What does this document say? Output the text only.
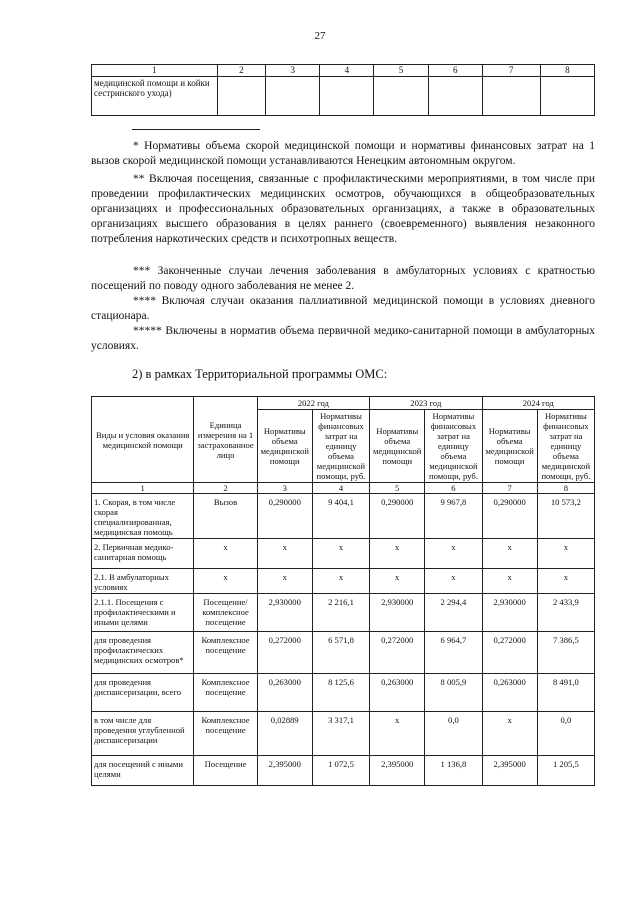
27
1	2	3	4	5	6	7	8
медицинской помощи и койки сестринского ухода)							

* Нормативы объема скорой медицинской помощи и нормативы финансовых затрат на 1 вызов скорой медицинской помощи устанавливаются Ненецким автономным округом.

** Включая посещения, связанные с профилактическими мероприятиями, в том числе при проведении профилактических медицинских осмотров, обучающихся в общеобразовательных организациях и профессиональных образовательных организациях, а также в образовательных организациях высшего образования в целях раннего (своевременного) выявления незаконного потребления наркотических средств и психотропных веществ.

*** Законченные случаи лечения заболевания в амбулаторных условиях с кратностью посещений по поводу одного заболевания не менее 2.

**** Включая случаи оказания паллиативной медицинской помощи в условиях дневного стационара.

***** Включены в норматив объема первичной медико-санитарной помощи в амбулаторных условиях.

2) в рамках Территориальной программы ОМС:
Виды и условия оказания медицинской помощи	Единица измерения на 1 застрахованное лицо	2022 год		2023 год		2024 год	
		Нормативы объема медицинской помощи	Нормативы финансовых затрат на единицу объема медицинской помощи, руб.	Нормативы объема медицинской помощи	Нормативы финансовых затрат на единицу объема медицинской помощи, руб.	Нормативы объема медицинской помощи	Нормативы финансовых затрат на единицу объема медицинской помощи, руб.
1	2	3	4	5	6	7	8
1. Скорая, в том числе скорая специализированная, медицинская помощь	Вызов	0,290000	9 404,1	0,290000	9 967,8	0,290000	10 573,2
2. Первичная медико-санитарная помощь	x	x	x	x	x	x	x
2.1. В амбулаторных условиях	x	x	x	x	x	x	x
2.1.1. Посещения с профилактическими и иными целями	Посещение/ комплексное посещение	2,930000	2 216,1	2,930000	2 294,4	2,930000	2 433,9
для проведения профилактических медицинских осмотров*	Комплексное посещение	0,272000	6 571,8	0,272000	6 964,7	0,272000	7 386,5
для проведения диспансеризации, всего	Комплексное посещение	0,263000	8 125,6	0,263000	8 005,9	0,263000	8 491,0
в том числе для проведения углубленной диспансеризации	Комплексное посещение	0,02889	3 317,1	x	0,0	x	0,0
для посещений с иными целями	Посещение	2,395000	1 072,5	2,395000	1 136,8	2,395000	1 205,5
